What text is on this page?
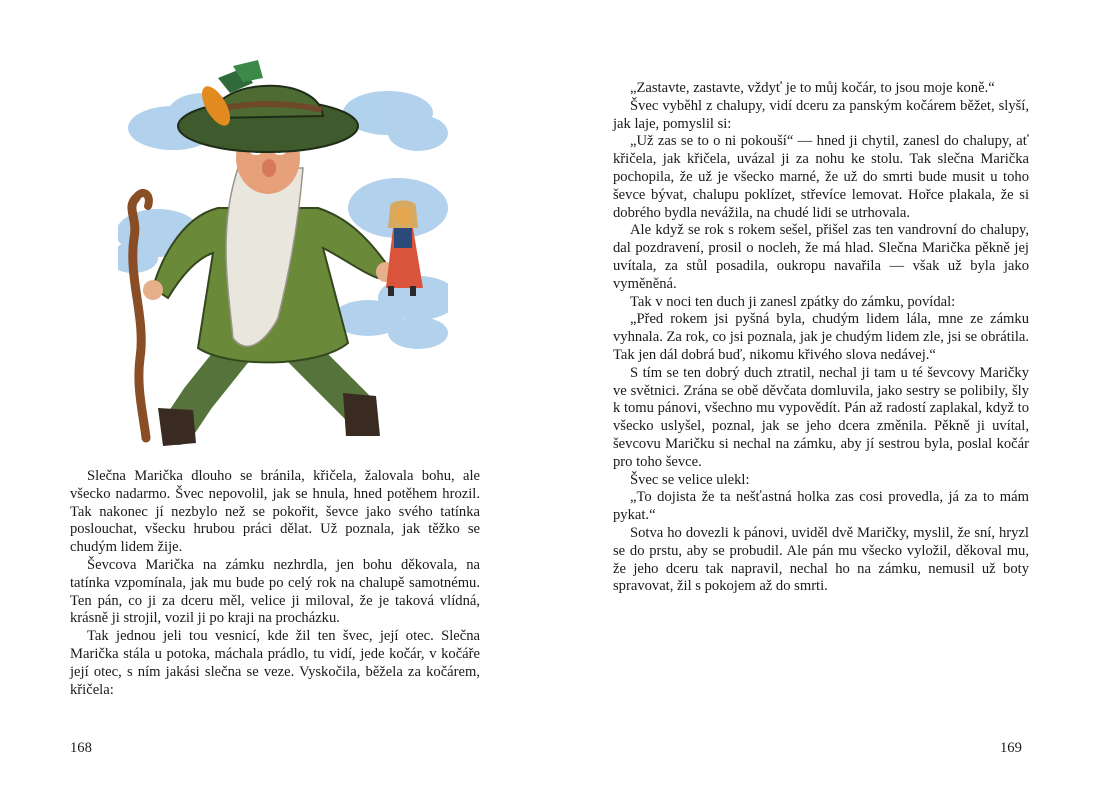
Slečna Marička dlouho se bránila, křičela, žalovala bohu, ale všecko nadarmo. Švec nepovolil, jak se hnula, hned potěhem hrozil. Tak nakonec jí nezbylo než se pokořit, ševce jako svého tatínka poslouchat, všecku hrubou práci dělat. Už poznala, jak těžko se chudým lidem žije.

Ševcova Marička na zámku nezhrdla, jen bohu děkovala, na tatínka vzpomínala, jak mu bude po celý rok na chalupě samotnému. Ten pán, co ji za dceru měl, velice ji miloval, že je taková vlídná, krásně ji strojil, vozil ji po kraji na procházku.

Tak jednou jeli tou vesnicí, kde žil ten švec, její otec. Slečna Marička stála u potoka, máchala prádlo, tu vidí, jede kočár, v kočáře její otec, s ním jakási slečna se veze. Vyskočila, běžela za kočárem, křičela:

168

„Zastavte, zastavte, vždyť je to můj kočár, to jsou moje koně.“

Švec vyběhl z chalupy, vidí dceru za panským kočárem běžet, slyší, jak laje, pomyslil si:

„Už zas se to o ni pokouší“ — hned ji chytil, zanesl do chalupy, ať křičela, jak křičela, uvázal ji za nohu ke stolu. Tak slečna Marička pochopila, že už je všecko marné, že už do smrti bude musit u toho ševce bývat, chalupu poklízet, střevíce lemovat. Hořce plakala, že si dobrého bydla nevážila, na chudé lidi se utrhovala.

Ale když se rok s rokem sešel, přišel zas ten vandrovní do chalupy, dal pozdravení, prosil o nocleh, že má hlad. Slečna Marička pěkně jej uvítala, za stůl posadila, oukropu navařila — však už byla jako vyměněná.

Tak v noci ten duch ji zanesl zpátky do zámku, povídal:

„Před rokem jsi pyšná byla, chudým lidem lála, mne ze zámku vyhnala. Za rok, co jsi poznala, jak je chudým lidem zle, jsi se obrátila. Tak jen dál dobrá buď, nikomu křivého slova nedávej.“

S tím se ten dobrý duch ztratil, nechal ji tam u té ševcovy Maričky ve světnici. Zrána se obě děvčata domluvila, jako sestry se polibily, šly k tomu pánovi, všechno mu vypovědít. Pán až radostí zaplakal, když to všecko uslyšel, poznal, jak se jeho dcera změnila. Pěkně ji uvítal, ševcovu Maričku si nechal na zámku, aby jí sestrou byla, poslal kočár pro toho ševce.

Švec se velice ulekl:

„To dojista že ta nešťastná holka zas cosi provedla, já za to mám pykat.“

Sotva ho dovezli k pánovi, uviděl dvě Maričky, myslil, že sní, hryzl se do prstu, aby se probudil. Ale pán mu všecko vyložil, děkoval mu, že jeho dceru tak napravil, nechal ho na zámku, nemusil už boty spravovat, žil s pokojem až do smrti.

169
